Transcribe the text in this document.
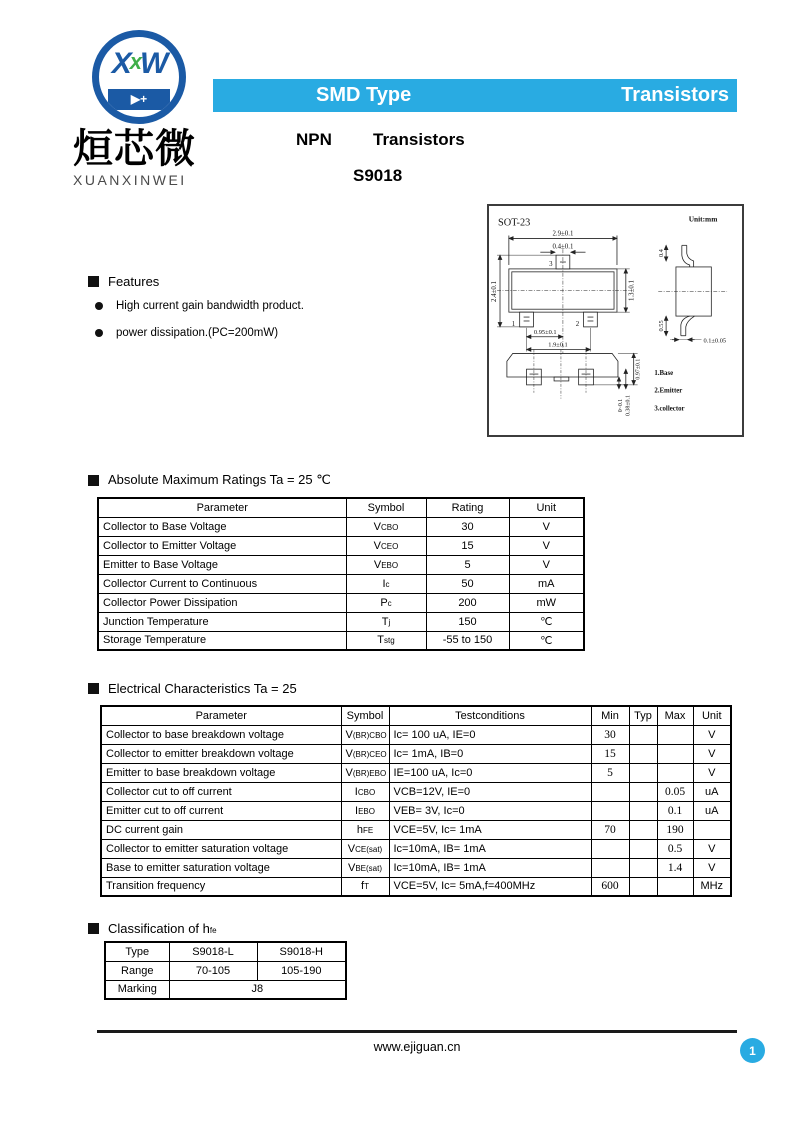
XxW
▶+
烜芯微
XUANXINWEI
SMD Type	Transistors
NPN Transistors
S9018
SOT-23	Unit:mm
2.9±0.1
0.4±0.1
2.4±0.1	1.3±0.1
0.95±0.1
1.9±0.1
3
1	2
0.4
0.55
0.1±0.05
0.97±0.1
0~0.1 0.38±0.1
1.Base
2.Emitter
3.collector
Features
High current gain bandwidth product.
power dissipation.(PC=200mW)
Absolute Maximum Ratings Ta = 25 ℃
Parameter	Symbol	Rating	Unit
Collector to Base Voltage	VCBO	30	V
Collector to Emitter Voltage	VCEO	15	V
Emitter to Base Voltage	VEBO	5	V
Collector Current to Continuous	Ic	50	mA
Collector Power Dissipation	Pc	200	mW
Junction Temperature	Tj	150	℃
Storage Temperature	Tstg	-55 to 150	℃
Electrical Characteristics Ta = 25
Parameter	Symbol	Testconditions	Min	Typ	Max	Unit
Collector to base breakdown voltage	V(BR)CBO	Ic= 100 uA, IE=0	30			V
Collector to emitter breakdown voltage	V(BR)CEO	Ic= 1mA, IB=0	15			V
Emitter to base breakdown voltage	V(BR)EBO	IE=100 uA, Ic=0	5			V
Collector cut to off current	ICBO	VCB=12V, IE=0			0.05	uA
Emitter cut to off current	IEBO	VEB= 3V, Ic=0			0.1	uA
DC current gain	hFE	VCE=5V, Ic= 1mA	70		190	
Collector to emitter saturation voltage	VCE(sat)	Ic=10mA, IB= 1mA			0.5	V
Base to emitter saturation voltage	VBE(sat)	Ic=10mA, IB= 1mA			1.4	V
Transition frequency	fT	VCE=5V, Ic= 5mA,f=400MHz	600			MHz
Classification of hfe
Type	S9018-L	S9018-H
Range	70-105	105-190
Marking	J8	
www.ejiguan.cn	1
